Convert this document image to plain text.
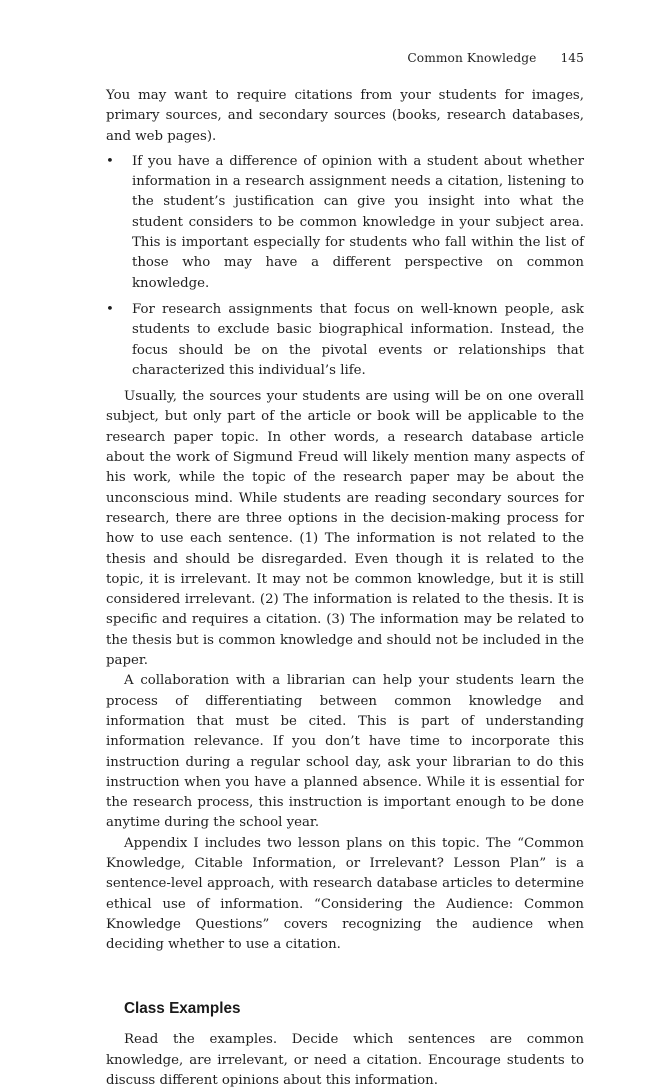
Common Knowledge 145

You may want to require citations from your students for images, primary sources, and secondary sources (books, research databases, and web pages).

• If you have a difference of opinion with a student about whether information in a research assignment needs a citation, listening to the student’s justification can give you insight into what the student considers to be common knowledge in your subject area. This is important especially for students who fall within the list of those who may have a different perspective on common knowledge.
• For research assignments that focus on well-known people, ask students to exclude basic biographical information. Instead, the focus should be on the pivotal events or relationships that characterized this individual’s life.

Usually, the sources your students are using will be on one overall subject, but only part of the article or book will be applicable to the research paper topic. In other words, a research database article about the work of Sigmund Freud will likely mention many aspects of his work, while the topic of the research paper may be about the unconscious mind. While students are reading secondary sources for research, there are three options in the decision-making process for how to use each sentence. (1) The information is not related to the thesis and should be disregarded. Even though it is related to the topic, it is irrelevant. It may not be common knowledge, but it is still considered irrelevant. (2) The information is related to the thesis. It is specific and requires a citation. (3) The information may be related to the thesis but is common knowledge and should not be included in the paper.

A collaboration with a librarian can help your students learn the process of differentiating between common knowledge and information that must be cited. This is part of understanding information relevance. If you don’t have time to incorporate this instruction during a regular school day, ask your librarian to do this instruction when you have a planned absence. While it is essential for the research process, this instruction is important enough to be done anytime during the school year.

Appendix I includes two lesson plans on this topic. The “Common Knowledge, Citable Information, or Irrelevant? Lesson Plan” is a sentence-level approach, with research database articles to determine ethical use of information. “Considering the Audience: Common Knowledge Questions” covers recognizing the audience when deciding whether to use a citation.

Class Examples

Read the examples. Decide which sentences are common knowledge, are irrelevant, or need a citation. Encourage students to discuss different opinions about this information.
